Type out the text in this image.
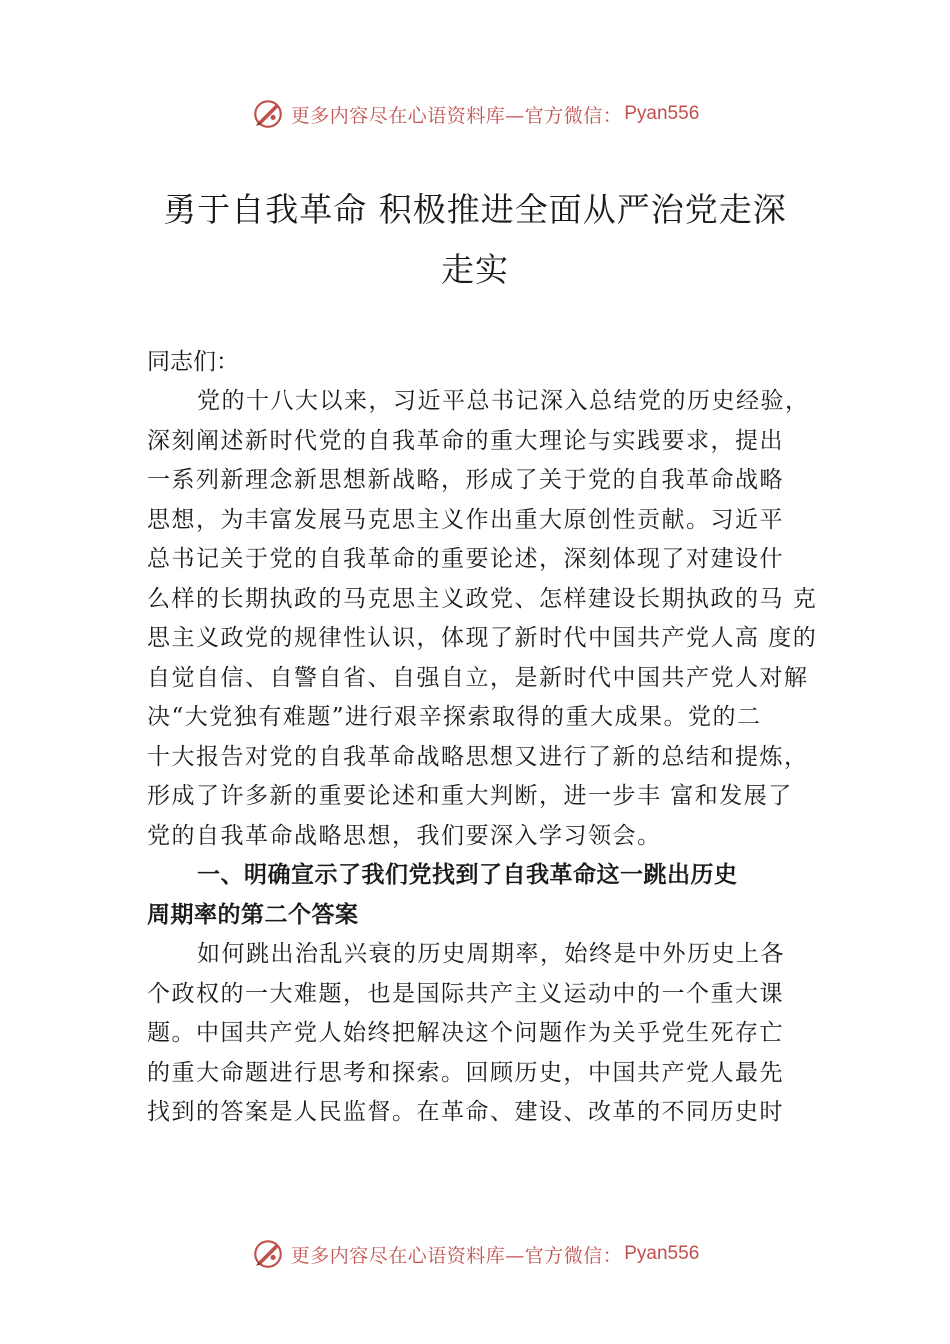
更多内容尽在心语资料库—官方微信： Pyan556
勇于自我革命 积极推进全面从严治党走深
走实
同志们：
党的十八大以来，习近平总书记深入总结党的历史经验，
深刻阐述新时代党的自我革命的重大理论与实践要求，提出
一系列新理念新思想新战略，形成了关于党的自我革命战略
思想，为丰富发展马克思主义作出重大原创性贡献。习近平
总书记关于党的自我革命的重要论述，深刻体现了对建设什
么样的长期执政的马克思主义政党、怎样建设长期执政的马 克
思主义政党的规律性认识，体现了新时代中国共产党人高 度的
自觉自信、自警自省、自强自立，是新时代中国共产党人对解
决“大党独有难题”进行艰辛探索取得的重大成果。党的二
十大报告对党的自我革命战略思想又进行了新的总结和提炼，
形成了许多新的重要论述和重大判断，进一步丰 富和发展了
党的自我革命战略思想，我们要深入学习领会。
一、明确宣示了我们党找到了自我革命这一跳出历史
周期率的第二个答案
如何跳出治乱兴衰的历史周期率，始终是中外历史上各
个政权的一大难题，也是国际共产主义运动中的一个重大课
题。中国共产党人始终把解决这个问题作为关乎党生死存亡
的重大命题进行思考和探索。回顾历史，中国共产党人最先
找到的答案是人民监督。在革命、建设、改革的不同历史时
更多内容尽在心语资料库—官方微信： Pyan556
